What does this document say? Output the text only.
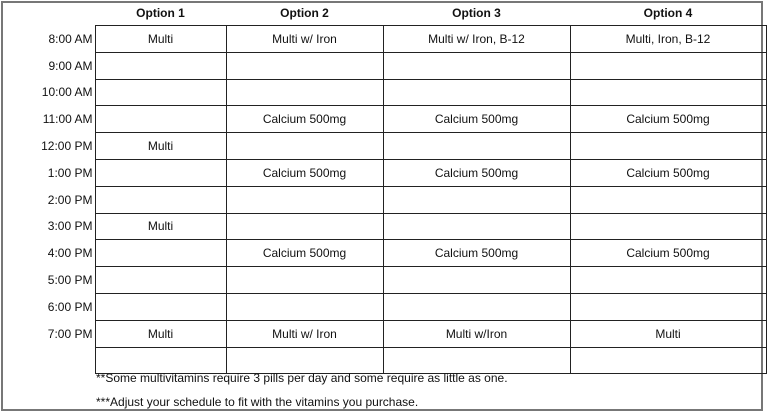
	Option 1	Option 2	Option 3	Option 4
8:00 AM	Multi	Multi w/ Iron	Multi w/ Iron, B-12	Multi, Iron, B-12
9:00 AM				
10:00 AM				
11:00 AM		Calcium 500mg	Calcium 500mg	Calcium 500mg
12:00 PM	Multi			
1:00 PM		Calcium 500mg	Calcium 500mg	Calcium 500mg
2:00 PM				
3:00 PM	Multi			
4:00 PM		Calcium 500mg	Calcium 500mg	Calcium 500mg
5:00 PM				
6:00 PM				
7:00 PM	Multi	Multi w/ Iron	Multi w/Iron	Multi

**Some multivitamins require 3 pills per day and some require as little as one.
***Adjust your schedule to fit with the vitamins you purchase.
